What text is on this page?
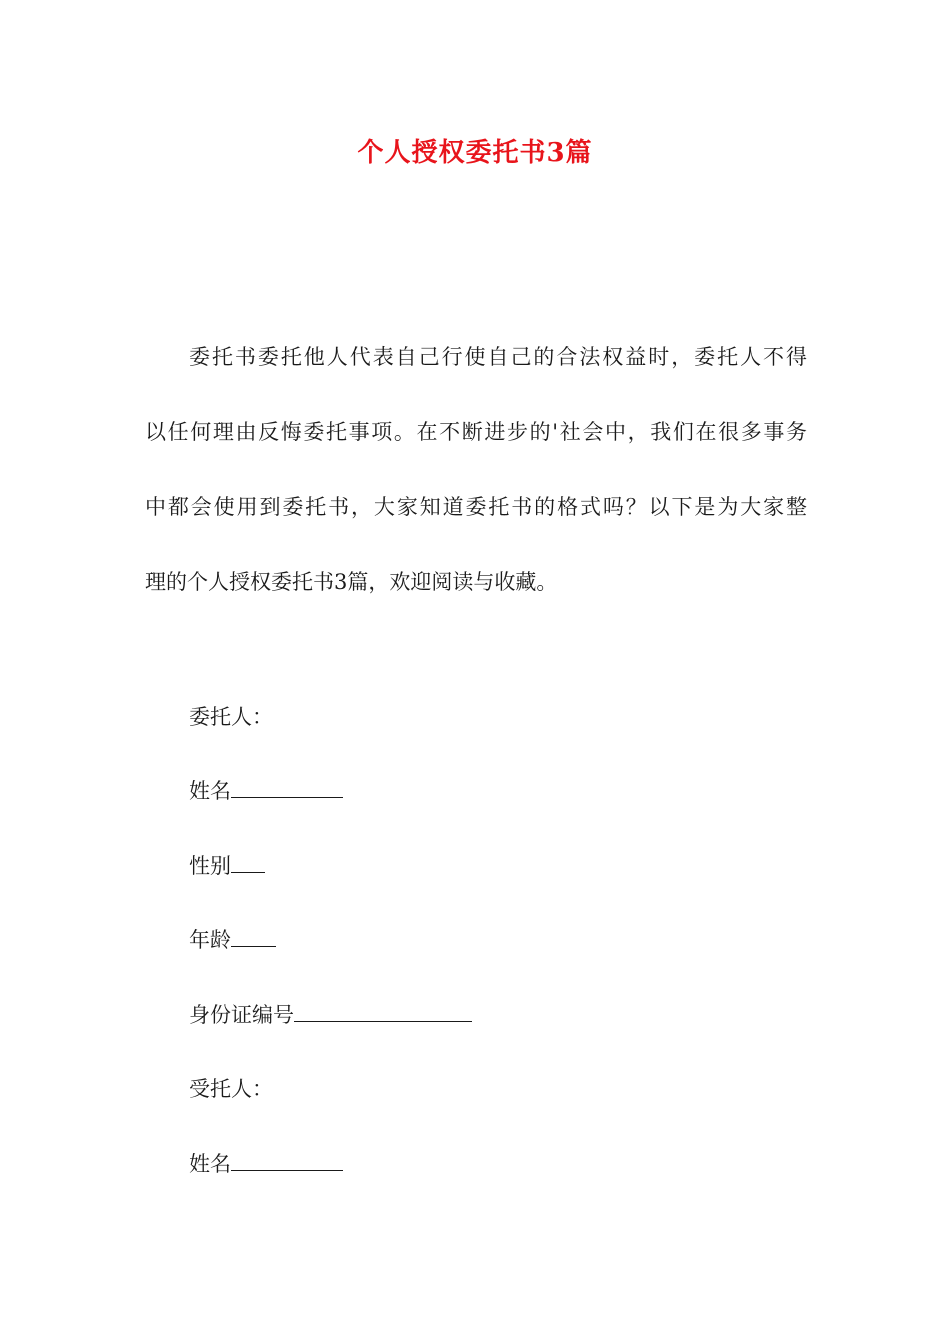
个人授权委托书3篇
委托书委托他人代表自己行使自己的合法权益时，委托人不得
以任何理由反悔委托事项。在不断进步的'社会中，我们在很多事务
中都会使用到委托书，大家知道委托书的格式吗？以下是为大家整
理的个人授权委托书3篇，欢迎阅读与收藏。
委托人：
姓名
性别
年龄
身份证编号
受托人：
姓名
